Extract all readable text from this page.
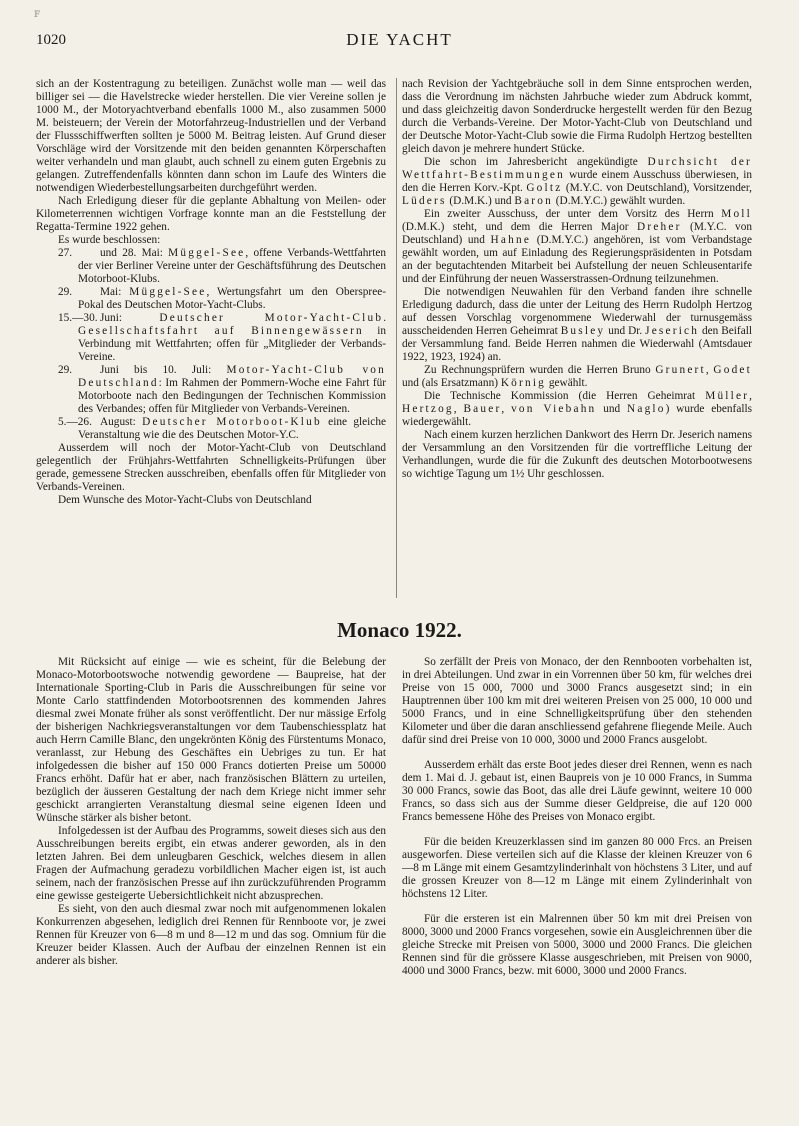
ꜰ
1020	DIE YACHT

sich an der Kostentragung zu beteiligen. Zunächst wolle man — weil das billiger sei — die Havelstrecke wieder herstellen. Die vier Vereine sollen je 1000 M., der Motoryachtverband ebenfalls 1000 M., also zusammen 5000 M. beisteuern; der Verein der Motorfahrzeug-Industriellen und der Verband der Flussschiffwerften sollten je 5000 M. Beitrag leisten. Auf Grund dieser Vorschläge wird der Vorsitzende mit den beiden genannten Körperschaften weiter verhandeln und man glaubt, auch schnell zu einem guten Ergebnis zu gelangen. Zutreffendenfalls könnten dann schon im Laufe des Winters die notwendigen Wiederbestellungsarbeiten durchgeführt werden.

Nach Erledigung dieser für die geplante Abhaltung von Meilen- oder Kilometerrennen wichtigen Vorfrage konnte man an die Feststellung der Regatta-Termine 1922 gehen.

Es wurde beschlossen:

27. und 28. Mai: Müggel-See, offene Verbands-Wettfahrten der vier Berliner Vereine unter der Geschäftsführung des Deutschen Motorboot-Klubs.

29. Mai: Müggel-See, Wertungsfahrt um den Oberspree-Pokal des Deutschen Motor-Yacht-Clubs.

15.—30. Juni: Deutscher Motor-Yacht-Club. Gesellschaftsfahrt auf Binnengewässern in Verbindung mit Wettfahrten; offen für „Mitglieder der Verbands-Vereine.

29. Juni bis 10. Juli: Motor-Yacht-Club von Deutschland: Im Rahmen der Pommern-Woche eine Fahrt für Motorboote nach den Bedingungen der Technischen Kommission des Verbandes; offen für Mitglieder von Verbands-Vereinen.

5.—26. August: Deutscher Motorboot-Klub eine gleiche Veranstaltung wie die des Deutschen Motor-Y.C.

Ausserdem will noch der Motor-Yacht-Club von Deutschland gelegentlich der Frühjahrs-Wettfahrten Schnelligkeits-Prüfungen über gerade, gemessene Strecken ausschreiben, ebenfalls offen für Mitglieder von Verbands-Vereinen.

Dem Wunsche des Motor-Yacht-Clubs von Deutschland

nach Revision der Yachtgebräuche soll in dem Sinne entsprochen werden, dass die Verordnung im nächsten Jahrbuche wieder zum Abdruck kommt, und dass gleichzeitig davon Sonderdrucke hergestellt werden für den Bezug durch die Verbands-Vereine. Der Motor-Yacht-Club von Deutschland und der Deutsche Motor-Yacht-Club sowie die Firma Rudolph Hertzog bestellten gleich davon je mehrere hundert Stücke.

Die schon im Jahresbericht angekündigte Durchsicht der Wettfahrt-Bestimmungen wurde einem Ausschuss überwiesen, in den die Herren Korv.-Kpt. Goltz (M.Y.C. von Deutschland), Vorsitzender, Lüders (D.M.K.) und Baron (D.M.Y.C.) gewählt wurden.

Ein zweiter Ausschuss, der unter dem Vorsitz des Herrn Moll (D.M.K.) steht, und dem die Herren Major Dreher (M.Y.C. von Deutschland) und Hahne (D.M.Y.C.) angehören, ist vom Verbandstage gewählt worden, um auf Einladung des Regierungspräsidenten in Potsdam an der begutachtenden Mitarbeit bei Aufstellung der neuen Schleusentarife und der Einführung der neuen Wasserstrassen-Ordnung teilzunehmen.

Die notwendigen Neuwahlen für den Verband fanden ihre schnelle Erledigung dadurch, dass die unter der Leitung des Herrn Rudolph Hertzog auf dessen Vorschlag vorgenommene Wiederwahl der turnusgemäss ausscheidenden Herren Geheimrat Busley und Dr. Jeserich den Beifall der Versammlung fand. Beide Herren nahmen die Wiederwahl (Amtsdauer 1922, 1923, 1924) an.

Zu Rechnungsprüfern wurden die Herren Bruno Grunert, Godet und (als Ersatzmann) Körnig gewählt.

Die Technische Kommission (die Herren Geheimrat Müller, Hertzog, Bauer, von Viebahn und Naglo) wurde ebenfalls wiedergewählt.

Nach einem kurzen herzlichen Dankwort des Herrn Dr. Jeserich namens der Versammlung an den Vorsitzenden für die vortreffliche Leitung der Verhandlungen, wurde die für die Zukunft des deutschen Motorbootwesens so wichtige Tagung um 1½ Uhr geschlossen.

Monaco 1922.

Mit Rücksicht auf einige — wie es scheint, für die Belebung der Monaco-Motorbootswoche notwendig gewordene — Baupreise, hat der Internationale Sporting-Club in Paris die Ausschreibungen für seine vor Monte Carlo stattfindenden Motorbootsrennen des kommenden Jahres diesmal zwei Monate früher als sonst veröffentlicht. Der nur mässige Erfolg der bisherigen Nachkriegsveranstaltungen vor dem Taubenschiessplatz hat auch Herrn Camille Blanc, den ungekrönten König des Fürstentums Monaco, veranlasst, zur Hebung des Geschäftes ein Uebriges zu tun. Er hat infolgedessen die bisher auf 150 000 Francs dotierten Preise um 50000 Francs erhöht. Dafür hat er aber, nach französischen Blättern zu urteilen, bezüglich der äusseren Gestaltung der nach dem Kriege nicht immer sehr geschickt arrangierten Veranstaltung diesmal seine eigenen Ideen und Wünsche stärker als bisher betont.

Infolgedessen ist der Aufbau des Programms, soweit dieses sich aus den Ausschreibungen bereits ergibt, ein etwas anderer geworden, als in den letzten Jahren. Bei dem unleugbaren Geschick, welches diesem in allen Fragen der Aufmachung geradezu vorbildlichen Macher eigen ist, ist auch seinem, nach der französischen Presse auf ihn zurückzuführenden Programm eine gewisse gesteigerte Uebersichtlichkeit nicht abzusprechen.

Es sieht, von den auch diesmal zwar noch mit aufgenommenen lokalen Konkurrenzen abgesehen, lediglich drei Rennen für Rennboote vor, je zwei Rennen für Kreuzer von 6—8 m und 8—12 m und das sog. Omnium für die Kreuzer beider Klassen. Auch der Aufbau der einzelnen Rennen ist ein anderer als bisher.

So zerfällt der Preis von Monaco, der den Rennbooten vorbehalten ist, in drei Abteilungen. Und zwar in ein Vorrennen über 50 km, für welches drei Preise von 15 000, 7000 und 3000 Francs ausgesetzt sind; in ein Hauptrennen über 100 km mit drei weiteren Preisen von 25 000, 10 000 und 5000 Francs, und in eine Schnelligkeitsprüfung über den stehenden Kilometer und über die daran anschliessend gefahrene fliegende Meile. Auch dafür sind drei Preise von 10 000, 3000 und 2000 Francs ausgelobt.

Ausserdem erhält das erste Boot jedes dieser drei Rennen, wenn es nach dem 1. Mai d. J. gebaut ist, einen Baupreis von je 10 000 Francs, in Summa 30 000 Francs, sowie das Boot, das alle drei Läufe gewinnt, weitere 10 000 Francs, so dass sich aus der Summe dieser Geldpreise, die auf 120 000 Francs bemessene Höhe des Preises von Monaco ergibt.

Für die beiden Kreuzerklassen sind im ganzen 80 000 Frcs. an Preisen ausgeworfen. Diese verteilen sich auf die Klasse der kleinen Kreuzer von 6—8 m Länge mit einem Gesamtzylinderinhalt von höchstens 3 Liter, und auf die grossen Kreuzer von 8—12 m Länge mit einem Zylinderinhalt von höchstens 12 Liter.

Für die ersteren ist ein Malrennen über 50 km mit drei Preisen von 8000, 3000 und 2000 Francs vorgesehen, sowie ein Ausgleichrennen über die gleiche Strecke mit Preisen von 5000, 3000 und 2000 Francs. Die gleichen Rennen sind für die grössere Klasse ausgeschrieben, mit Preisen von 9000, 4000 und 3000 Francs, bezw. mit 6000, 3000 und 2000 Francs.
